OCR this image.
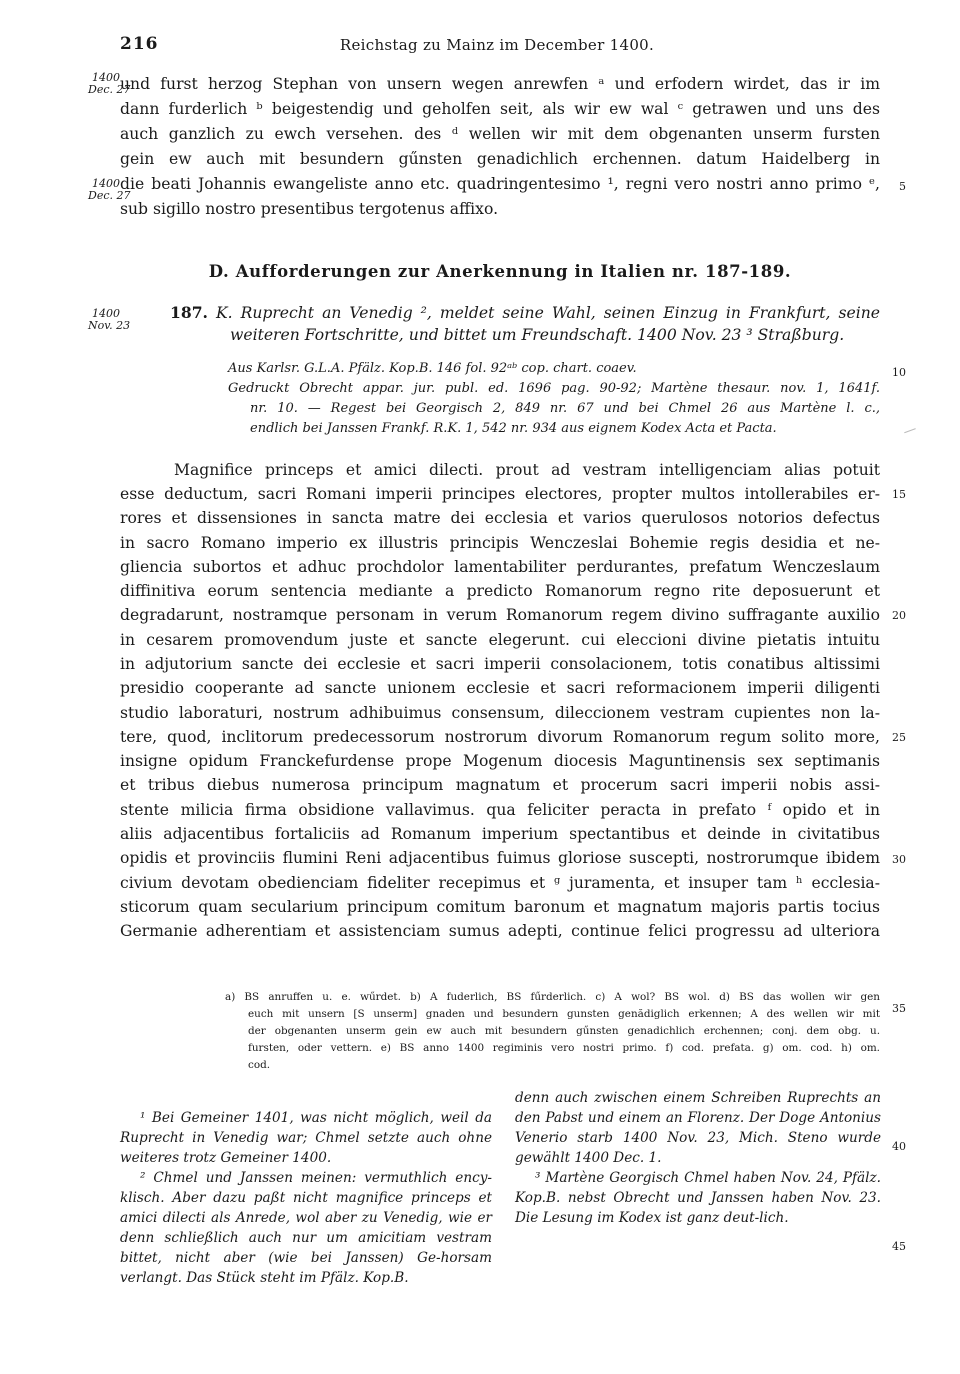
216	Reichstag zu Mainz im December 1400.
1400
Dec. 27
1400
Dec. 27
1400
Nov. 23
5
10
15
20
25
30
35
40
45
und furst herzog Stephan von unsern wegen anrewfen ᵃ und erfodern wirdet, das ir im
dann furderlich ᵇ beigestendig und geholfen seit, als wir ew wal ᶜ getrawen und uns des
auch ganzlich zu ewch versehen. des ᵈ wellen wir mit dem obgenanten unserm fursten
gein ew auch mit besundern gűnsten genadichlich erchennen. datum Haidelberg in
die beati Johannis ewangeliste anno etc. quadringentesimo ¹, regni vero nostri anno primo ᵉ,
sub sigillo nostro presentibus tergotenus affixo.
D. Aufforderungen zur Anerkennung in Italien nr. 187-189.
187. K. Ruprecht an Venedig ², meldet seine Wahl, seinen Einzug in Frankfurt, seine
weiteren Fortschritte, und bittet um Freundschaft. 1400 Nov. 23 ³ Straßburg.
Aus Karlsr. G.L.A. Pfälz. Kop.B. 146 fol. 92ᵃᵇ cop. chart. coaev.
Gedruckt Obrecht appar. jur. publ. ed. 1696 pag. 90-92; Martène thesaur. nov. 1, 1641f.
nr. 10. — Regest bei Georgisch 2, 849 nr. 67 und bei Chmel 26 aus Martène l. c.,
endlich bei Janssen Frankf. R.K. 1, 542 nr. 934 aus eignem Kodex Acta et Pacta.
Magnifice princeps et amici dilecti. prout ad vestram intelligenciam alias potuit
esse deductum, sacri Romani imperii principes electores, propter multos intollerabiles er-
rores et dissensiones in sancta matre dei ecclesia et varios querulosos notorios defectus
in sacro Romano imperio ex illustris principis Wenczeslai Bohemie regis desidia et ne-
gliencia subortos et adhuc prochdolor lamentabiliter perdurantes, prefatum Wenczeslaum
diffinitiva eorum sentencia mediante a predicto Romanorum regno rite deposuerunt et
degradarunt, nostramque personam in verum Romanorum regem divino suffragante auxilio
in cesarem promovendum juste et sancte elegerunt. cui eleccioni divine pietatis intuitu
in adjutorium sancte dei ecclesie et sacri imperii consolacionem, totis conatibus altissimi
presidio cooperante ad sancte unionem ecclesie et sacri reformacionem imperii diligenti
studio laboraturi, nostrum adhibuimus consensum, dileccionem vestram cupientes non la-
tere, quod, inclitorum predecessorum nostrorum divorum Romanorum regum solito more,
insigne opidum Franckefurdense prope Mogenum diocesis Maguntinensis sex septimanis
et tribus diebus numerosa principum magnatum et procerum sacri imperii nobis assi-
stente milicia firma obsidione vallavimus. qua feliciter peracta in prefato ᶠ opido et in
aliis adjacentibus fortaliciis ad Romanum imperium spectantibus et deinde in civitatibus
opidis et provinciis flumini Reni adjacentibus fuimus gloriose suscepti, nostrorumque ibidem
civium devotam obedienciam fideliter recepimus et ᵍ juramenta, et insuper tam ʰ ecclesia-
sticorum quam secularium principum comitum baronum et magnatum majoris partis tocius
Germanie adherentiam et assistenciam sumus adepti, continue felici progressu ad ulteriora
a) BS anruffen u. e. wűrdet. b) A fuderlich, BS fűrderlich. c) A wol? BS wol. d) BS das wollen wir gen
euch mit unsern [S unserm] gnaden und besundern gunsten genădiglich erkennen; A des wellen wir mit
der obgenanten unserm gein ew auch mit besundern gűnsten genadichlich erchennen; conj. dem obg. u.
fursten, oder vettern. e) BS anno 1400 regiminis vero nostri primo. f) cod. prefata. g) om. cod. h) om.
cod.

¹ Bei Gemeiner 1401, was nicht möglich, weil da Ruprecht in Venedig war; Chmel setzte auch ohne weiteres trotz Gemeiner 1400.

² Chmel und Janssen meinen: vermuthlich ency-klisch. Aber dazu paßt nicht magnifice princeps et amici dilecti als Anrede, wol aber zu Venedig, wie er denn schließlich auch nur um amicitiam vestram bittet, nicht aber (wie bei Janssen) Ge-horsam verlangt. Das Stück steht im Pfälz. Kop.B.

denn auch zwischen einem Schreiben Ruprechts an den Pabst und einem an Florenz. Der Doge Antonius Venerio starb 1400 Nov. 23, Mich. Steno wurde gewählt 1400 Dec. 1.

³ Martène Georgisch Chmel haben Nov. 24, Pfälz. Kop.B. nebst Obrecht und Janssen haben Nov. 23. Die Lesung im Kodex ist ganz deut-lich.
